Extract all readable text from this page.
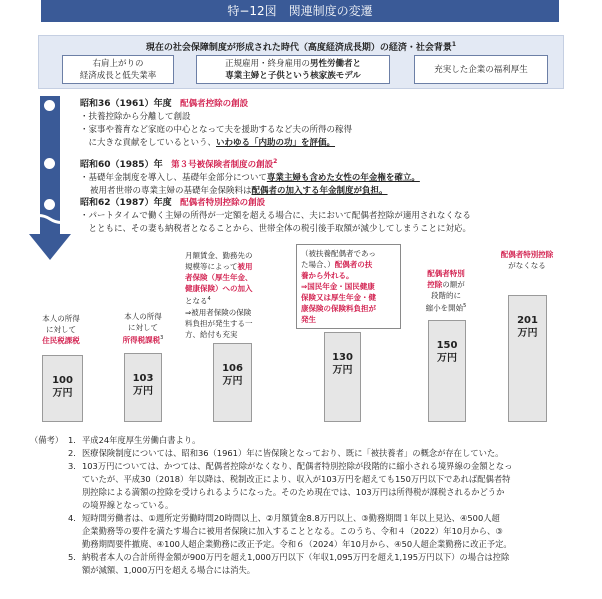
特−12図　関連制度の変遷
現在の社会保障制度が形成された時代（高度経済成長期）の経済・社会背景$^1$
右肩上がりの
経済成長と低失業率
正規雇用・終身雇用の男性労働者と
専業主婦と子供という核家族モデル
充実した企業の福利厚生
昭和36（1961）年度　 配偶者控除の創設
・扶養控除から分離して創設
・家事や養育など家庭の中心となって夫を援助するなど夫の所得の稼得
　に大きな貢献をしているという、いわゆる「内助の功」を評価。
昭和60（1985）年　 第３号被保険者制度の創設$^2$
・基礎年金制度を導入し、基礎年金部分について専業主婦も含めた女性の年金権を確立。
被用者世帯の専業主婦の基礎年金保険料は配偶者の加入する年金制度が負担。
昭和62（1987）年度　 配偶者特別控除の創設
・パートタイムで働く主婦の所得が一定額を超える場合に、夫において配偶者控除が適用されなくなる
　とともに、その妻も納税者となることから、世帯全体の税引後手取額が減少してしまうことに対応。
100
万円
103
万円
106
万円
130
万円
150
万円
201
万円
本人の所得
に対して
住民税課税
本人の所得
に対して
所得税課税$^3$
月額賃金、勤務先の
規模等によって被用
者保険（厚生年金、
健康保険）への加入
となる$^4$
⇒被用者保険の保険
料負担が発生する一
方、給付も充実
（被扶養配偶者であっ
た場合、）配偶者の扶
養から外れる。
⇒国民年金・国民健康
保険又は厚生年金・健
康保険の保険料負担が
発生
配偶者特別
控除の額が
段階的に
縮小を開始$^5$
配偶者特別控除
がなくなる
（備考） 1. 平成24年度厚生労働白書より。
2. 医療保険制度については、昭和36（1961）年に皆保険となっており、既に「被扶養者」の概念が存在していた。
3. 103万円については、かつては、配偶者控除がなくなり、配偶者特別控除が段階的に縮小される境界線の金額となっ
ていたが、平成30（2018）年以降は、税制改正により、収入が103万円を超えても150万円以下であれば配偶者特
別控除による満額の控除を受けられるようになった。そのため現在では、103万円は所得税が課税されるかどうか
の境界線となっている。
4. 短時間労働者は、①週所定労働時間20時間以上、②月額賃金8.8万円以上、③勤務期間１年以上見込、④500人超
企業勤務等の要件を満たす場合に被用者保険に加入することとなる。このうち、令和４（2022）年10月から、③
勤務期間要件撤廃、④100人超企業勤務に改正予定。令和６（2024）年10月から、④50人超企業勤務に改正予定。
5. 納税者本人の合計所得金額が900万円を超え1,000万円以下（年収1,095万円を超え1,195万円以下）の場合は控除
額が減額、1,000万円を超える場合には消失。
